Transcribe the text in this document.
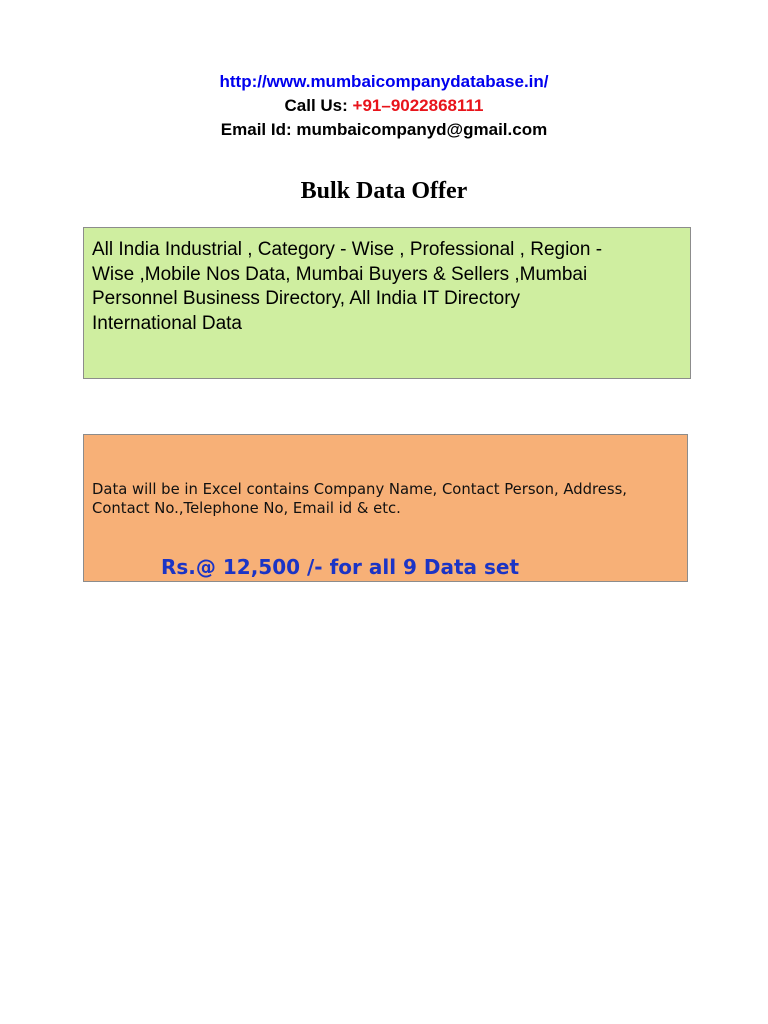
http://www.mumbaicompanydatabase.in/
Call Us: +91–9022868111
Email Id: mumbaicompanyd@gmail.com
Bulk Data Offer
All India Industrial , Category - Wise , Professional , Region -Wise ,Mobile Nos Data, Mumbai Buyers & Sellers ,Mumbai Personnel Business Directory, All India IT Directory International Data
Data will be in Excel contains Company Name, Contact Person, Address, Contact No.,Telephone No, Email id & etc.
Rs.@ 12,500 /- for all 9 Data set
